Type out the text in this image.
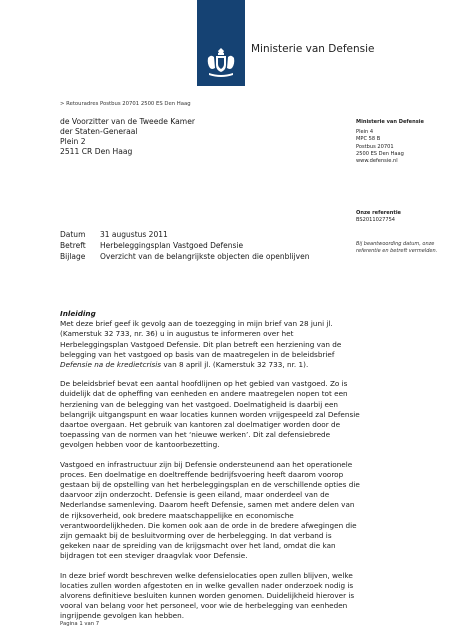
Ministerie van Defensie
> Retouradres Postbus 20701 2500 ES Den Haag
de Voorzitter van de Tweede Kamer
der Staten-Generaal
Plein 2
2511 CR Den Haag
Ministerie van Defensie
Plein 4
MPC 58 B
Postbus 20701
2500 ES Den Haag
www.defensie.nl
Onze referentie
BS2011027754
Bij beantwoording datum, onze referentie en betreft vermelden.
Datum	31 augustus 2011
Betreft	Herbeleggingsplan Vastgoed Defensie
Bijlage	Overzicht van de belangrijkste objecten die openblijven
Inleiding
Met deze brief geef ik gevolg aan de toezegging in mijn brief van 28 juni jl.
(Kamerstuk 32 733, nr. 36) u in augustus te informeren over het
Herbeleggingsplan Vastgoed Defensie. Dit plan betreft een herziening van de
belegging van het vastgoed op basis van de maatregelen in de beleidsbrief
Defensie na de kredietcrisis van 8 april jl. (Kamerstuk 32 733, nr. 1).
De beleidsbrief bevat een aantal hoofdlijnen op het gebied van vastgoed. Zo is
duidelijk dat de opheffing van eenheden en andere maatregelen nopen tot een
herziening van de belegging van het vastgoed. Doelmatigheid is daarbij een
belangrijk uitgangspunt en waar locaties kunnen worden vrijgespeeld zal Defensie
daartoe overgaan. Het gebruik van kantoren zal doelmatiger worden door de
toepassing van de normen van het ‘nieuwe werken’. Dit zal defensiebrede
gevolgen hebben voor de kantoorbezetting.
Vastgoed en infrastructuur zijn bij Defensie ondersteunend aan het operationele
proces. Een doelmatige en doeltreffende bedrijfsvoering heeft daarom voorop
gestaan bij de opstelling van het herbeleggingsplan en de verschillende opties die
daarvoor zijn onderzocht. Defensie is geen eiland, maar onderdeel van de
Nederlandse samenleving. Daarom heeft Defensie, samen met andere delen van
de rijksoverheid, ook bredere maatschappelijke en economische
verantwoordelijkheden. Die komen ook aan de orde in de bredere afwegingen die
zijn gemaakt bij de besluitvorming over de herbelegging. In dat verband is
gekeken naar de spreiding van de krijgsmacht over het land, omdat die kan
bijdragen tot een steviger draagvlak voor Defensie.
In deze brief wordt beschreven welke defensielocaties open zullen blijven, welke
locaties zullen worden afgestoten en in welke gevallen nader onderzoek nodig is
alvorens definitieve besluiten kunnen worden genomen. Duidelijkheid hierover is
vooral van belang voor het personeel, voor wie de herbelegging van eenheden
ingrijpende gevolgen kan hebben.
Pagina 1 van 7
